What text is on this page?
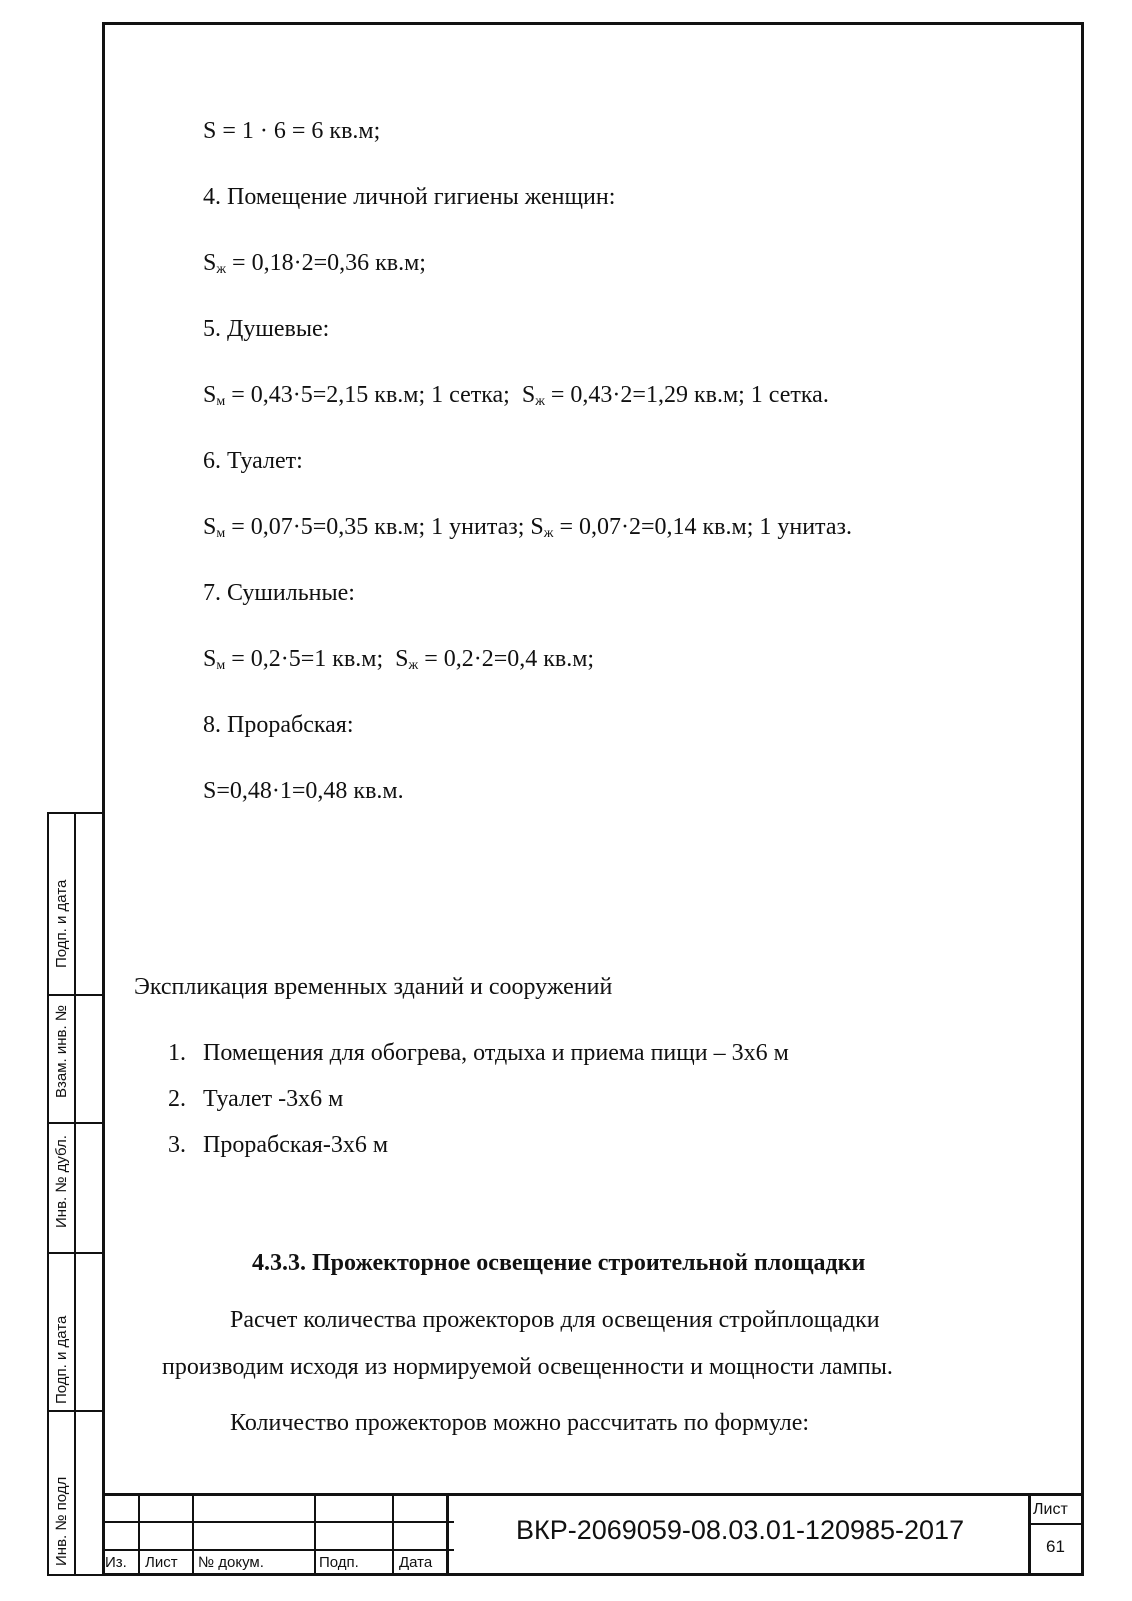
Подп. и дата
Взам. инв. №
Инв. № дубл.
Подп. и дата
Инв. № подл
S = 1 · 6 = 6 кв.м;
4. Помещение личной гигиены женщин:
$S_ж = 0,18\cdot 2=0,36$ кв.м;
5. Душевые:
$S_м = 0,43\cdot 5=2,15$ кв.м; 1 сетка;  $S_ж = 0,43\cdot 2=1,29$ кв.м; 1 сетка.
6. Туалет:
$S_м = 0,07\cdot 5=0,35$ кв.м; 1 унитаз; $S_ж = 0,07\cdot 2=0,14$ кв.м; 1 унитаз.
7. Сушильные:
$S_м = 0,2\cdot 5=1$ кв.м;  $S_ж = 0,2\cdot 2=0,4$ кв.м;
8. Прорабская:
S=0,48·1=0,48 кв.м.
Экспликация временных зданий и сооружений
1. Помещения для обогрева, отдыха и приема пищи – 3х6 м
2. Туалет -3х6 м
3. Прорабская-3х6 м
4.3.3. Прожекторное освещение строительной площадки
Расчет количества прожекторов для освещения стройплощадки
производим исходя из нормируемой освещенности и мощности лампы.
Количество прожекторов можно рассчитать по формуле:
Из. Лист № докум.	Подп.	Дата
ВКР-2069059-08.03.01-120985-2017
Лист
61
